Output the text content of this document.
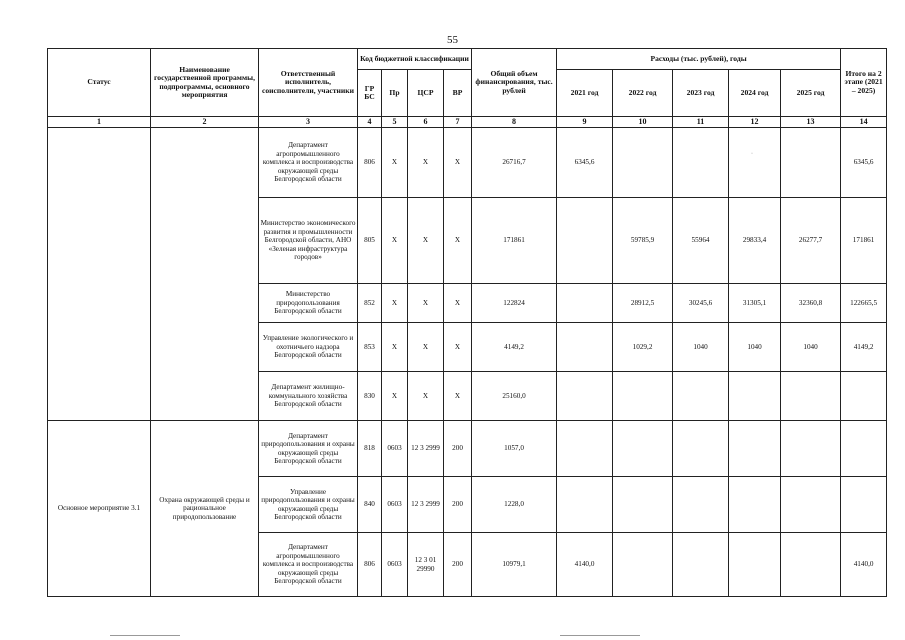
55
Статус	Наименование государственной программы, подпрограммы, основного мероприятия	Ответственный исполнитель, соисполнители, участники	Код бюджетной классификации				Общий объем финансирования, тыс. рублей	Расходы (тыс. рублей), годы					Итого на 2 этапе (2021 – 2025)
			ГР БС	Пр	ЦСР	ВР		2021 год	2022 год	2023 год	2024 год	2025 год	
1	2	3	4	5	6	7	8	9	10	11	12	13	14
		Департамент агропромышленного комплекса и воспроизводства окружающей среды Белгородской области	806	Х	Х	Х	26716,7	6345,6			·		6345,6
		Министерство экономического развития и промышленности Белгородской области, АНО «Зеленая инфраструктура городов»	805	Х	Х	Х	171861		59785,9	55964	29833,4	26277,7	171861
		Министерство природопользования Белгородской области	852	Х	Х	Х	122824		28912,5	30245,6	31305,1	32360,8	122665,5
		Управление экологического и охотничьего надзора Белгородской области	853	Х	Х	Х	4149,2		1029,2	1040	1040	1040	4149,2
		Департамент жилищно-коммунального хозяйства Белгородской области	830	Х	Х	Х	25160,0						
Основное мероприятие 3.1	Охрана окружающей среды и рациональное природопользование	Департамент природопользования и охраны окружающей среды Белгородской области	818	0603	12 3 2999	200	1057,0						
		Управление природопользования и охраны окружающей среды Белгородской области	840	0603	12 3 2999	200	1228,0						
		Департамент агропромышленного комплекса и воспроизводства окружающей среды Белгородской области	806	0603	12 3 01 29990	200	10979,1	4140,0					4140,0
